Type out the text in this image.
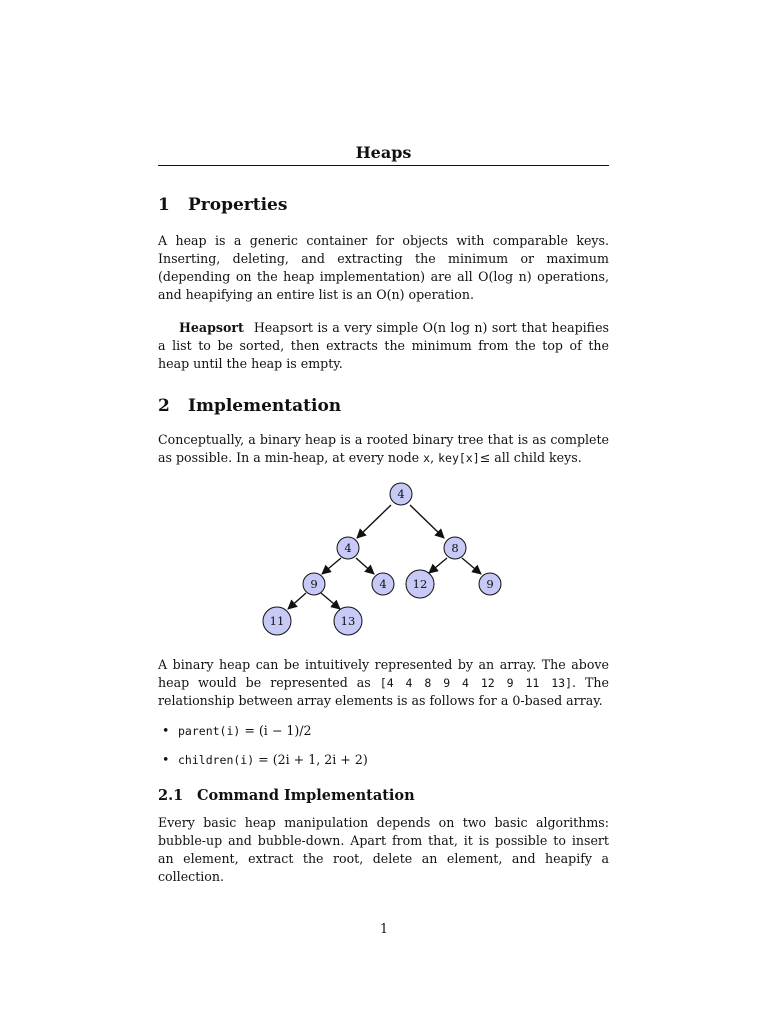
Heaps
1 Properties

A heap is a generic container for objects with comparable keys. Inserting, deleting, and extracting the minimum or maximum (depending on the heap implementation) are all O(log n) operations, and heapifying an entire list is an O(n) operation.

Heapsort Heapsort is a very simple O(n log n) sort that heapifies a list to be sorted, then extracts the minimum from the top of the heap until the heap is empty.

2 Implementation

Conceptually, a binary heap is a rooted binary tree that is as complete as possible. In a min-heap, at every node x, key[x]≤ all child keys.

4
4	8
9	4 12	9
11	13

A binary heap can be intuitively represented by an array. The above heap would be represented as [4 4 8 9 4 12 9 11 13]. The relationship between array elements is as follows for a 0-based array.

• parent(i) = (i − 1)/2
• children(i) = (2i + 1, 2i + 2)
2.1 Command Implementation

Every basic heap manipulation depends on two basic algorithms: bubble-up and bubble-down. Apart from that, it is possible to insert an element, extract the root, delete an element, and heapify a collection.

1
